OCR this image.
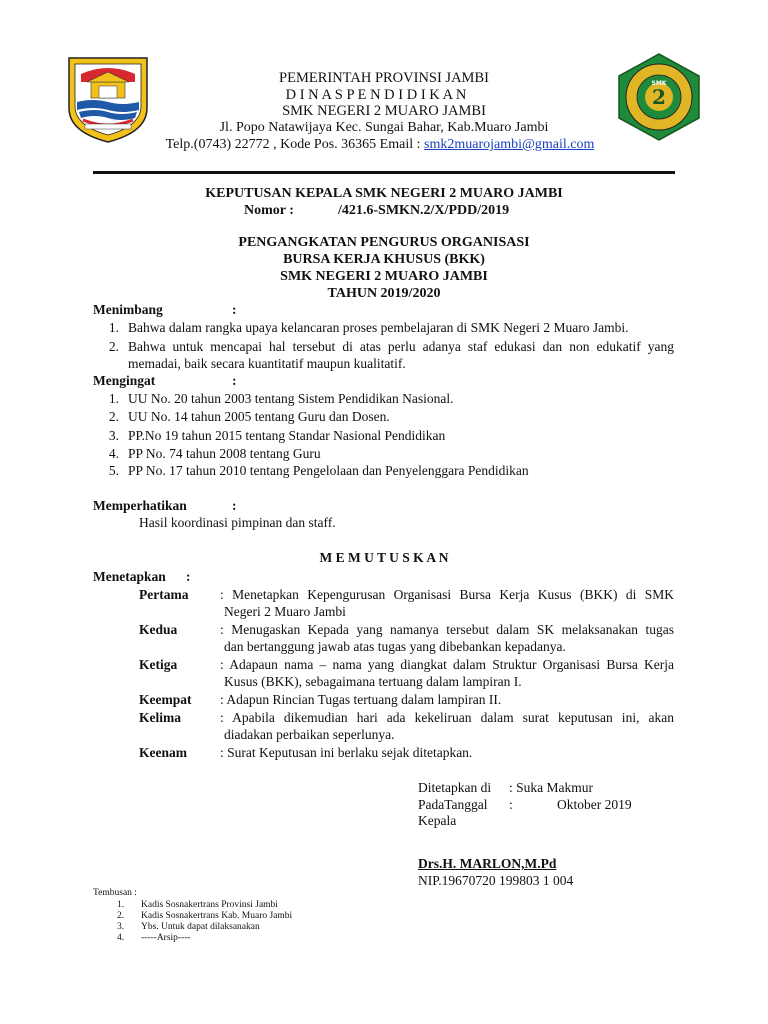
PEMERINTAH PROVINSI JAMBI
D I N A S P E N D I D I K A N
SMK NEGERI 2 MUARO JAMBI
Jl. Popo Natawijaya Kec. Sungai Bahar, Kab.Muaro Jambi
Telp.(0743) 22772 , Kode Pos. 36365 Email : smk2muarojambi@gmail.com
2
SMK
KEPUTUSAN KEPALA SMK NEGERI 2 MUARO JAMBI
Nomor :	/421.6-SMKN.2/X/PDD/2019
PENGANGKATAN PENGURUS ORGANISASI
BURSA KERJA KHUSUS (BKK)
SMK NEGERI 2 MUARO JAMBI
TAHUN 2019/2020
Menimbang	:
1. Bahwa dalam rangka upaya kelancaran proses pembelajaran di SMK Negeri 2 Muaro Jambi.
2. Bahwa untuk mencapai hal tersebut di atas perlu adanya staf edukasi dan non edukatif yang
memadai, baik secara kuantitatif maupun kualitatif.
Mengingat	:
1. UU No. 20 tahun 2003 tentang Sistem Pendidikan Nasional.
2. UU No. 14 tahun 2005 tentang Guru dan Dosen.
3. PP.No 19 tahun 2015 tentang Standar Nasional Pendidikan
4. PP No. 74 tahun 2008 tentang Guru
5. PP No. 17 tahun 2010 tentang Pengelolaan dan Penyelenggara Pendidikan
Memperhatikan	:
Hasil koordinasi pimpinan dan staff.
M E M U T U S K A N
Menetapkan :
Pertama : Menetapkan Kepengurusan Organisasi Bursa Kerja Kusus (BKK) di SMK
Negeri 2 Muaro Jambi
Kedua	: Menugaskan Kepada yang namanya tersebut dalam SK melaksanakan tugas
dan bertanggung jawab atas tugas yang dibebankan kepadanya.
Ketiga	: Adapaun nama – nama yang diangkat dalam Struktur Organisasi Bursa Kerja
Kusus (BKK), sebagaimana tertuang dalam lampiran I.
Keempat : Adapun Rincian Tugas tertuang dalam lampiran II.
Kelima	: Apabila dikemudian hari ada kekeliruan dalam surat keputusan ini, akan
diadakan perbaikan seperlunya.
Keenam : Surat Keputusan ini berlaku sejak ditetapkan.
Ditetapkan di : Suka Makmur
PadaTanggal :	Oktober 2019
Kepala
Drs.H. MARLON,M.Pd
NIP.19670720 199803 1 004
Tembusan :
1. Kadis Sosnakertrans Provinsi Jambi
2. Kadis Sosnakertrans Kab. Muaro Jambi
3. Ybs. Untuk dapat dilaksanakan
4. -----Arsip----
